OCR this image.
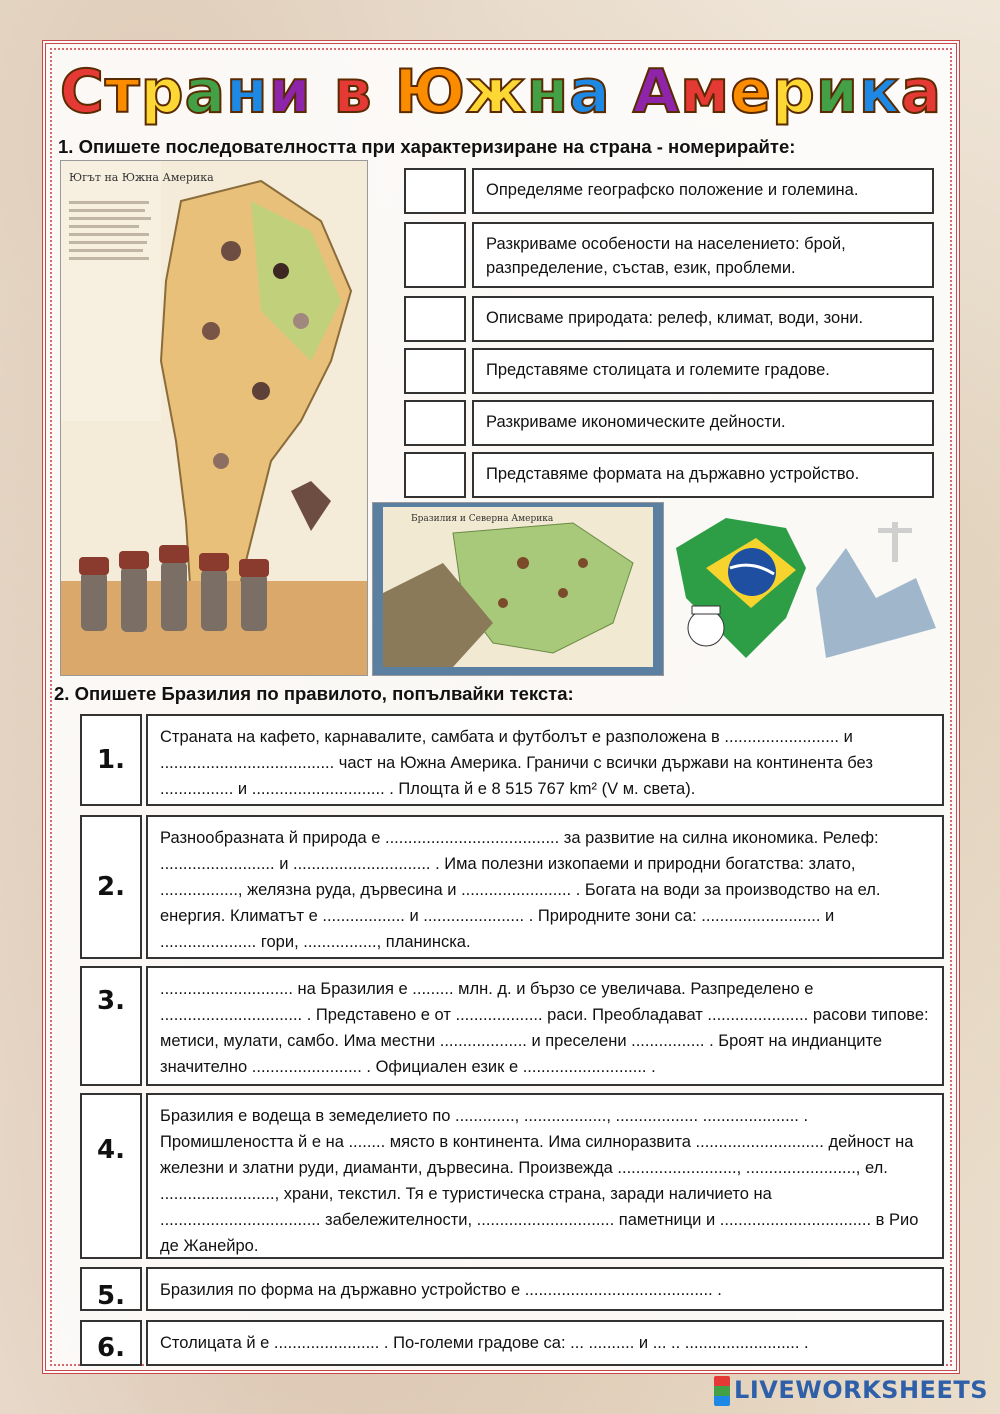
Страни в Южна Америка
1. Опишете последователността при характеризиране на страна - номерирайте:
Югът на Южна Америка
Определяме географско положение и големина.
Разкриваме особености на населението: брой, разпределение, състав, език, проблеми.
Описваме природата: релеф, климат, води, зони.
Представяме столицата и големите градове.
Разкриваме икономическите дейности.
Представяме формата на държавно устройство.
Бразилия и Северна Америка
2. Опишете Бразилия по правилото, попълвайки текста:
1.
Страната на кафето, карнавалите, самбата и футболът е разположена в ......................... и ...................................... част на Южна Америка. Граничи с всички държави на континента без ................ и ............................. . Площта й е 8 515 767 km² (V м. света).
2.
Разнообразната й природа е ...................................... за развитие на силна икономика. Релеф: ......................... и .............................. . Има полезни изкопаеми и природни богатства: злато, ................., желязна руда, дървесина и ........................ . Богата на води за производство на ел. енергия. Климатът е .................. и ...................... . Природните зони са: .......................... и ..................... гори, ................, планинска.
3.	............................. на Бразилия е ......... млн. д. и бързо се увеличава. Разпределено е ............................... . Представено е от ................... раси. Преобладават ...................... расови типове: метиси, мулати, самбо. Има местни ................... и преселени ................ . Броят на индианците значително ........................ . Официален език е ........................... .
4.
Бразилия е водеща в земеделието по ............., .................., .................. ..................... . Промишлеността й е на ........ място в континента. Има силноразвита ............................ дейност на железни и златни руди, диаманти, дървесина. Произвежда .........................., ........................, ел. ........................., храни, текстил. Тя е туристическа страна, заради наличието на ................................... забележителности, .............................. паметници и ................................. в Рио де Жанейро.
5.	Бразилия по форма на държавно устройство е ......................................... .
6.	Столицата й е ....................... . По-големи градове са: ... .......... и ... .. ......................... .
LIVEWORKSHEETS
